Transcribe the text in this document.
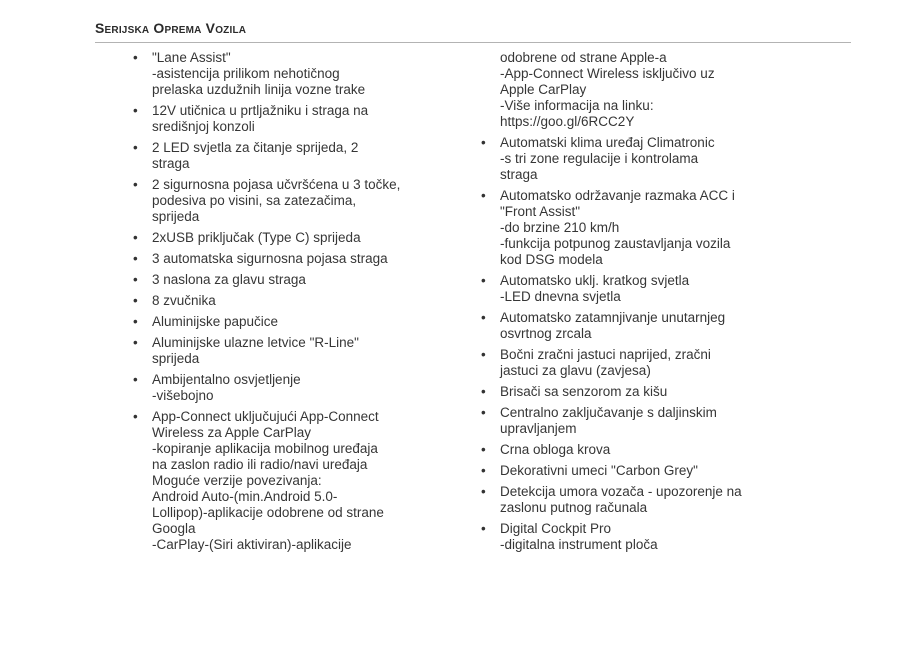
Serijska Oprema Vozila
•	"Lane Assist"
-asistencija prilikom nehotičnog
prelaska uzdužnih linija vozne trake
•	12V utičnica u prtljažniku i straga na
središnjoj konzoli
•	2 LED svjetla za čitanje sprijeda, 2
straga
•	2 sigurnosna pojasa učvršćena u 3 točke,
podesiva po visini, sa zatezačima,
sprijeda
•	2xUSB priključak (Type C) sprijeda
•	3 automatska sigurnosna pojasa straga
•	3 naslona za glavu straga
•	8 zvučnika
•	Aluminijske papučice
•	Aluminijske ulazne letvice "R-Line"
sprijeda
•	Ambijentalno osvjetljenje
-višebojno
•	App-Connect uključujući App-Connect
Wireless za Apple CarPlay
-kopiranje aplikacija mobilnog uređaja
na zaslon radio ili radio/navi uređaja
Moguće verzije povezivanja:
Android Auto-(min.Android 5.0-
Lollipop)-aplikacije odobrene od strane
Googla
-CarPlay-(Siri aktiviran)-aplikacije
odobrene od strane Apple-a
-App-Connect Wireless isključivo uz
Apple CarPlay
-Više informacija na linku:
https://goo.gl/6RCC2Y
•	Automatski klima uređaj Climatronic
-s tri zone regulacije i kontrolama
straga
•	Automatsko održavanje razmaka ACC i
"Front Assist"
-do brzine 210 km/h
-funkcija potpunog zaustavljanja vozila
kod DSG modela
•	Automatsko uklj. kratkog svjetla
-LED dnevna svjetla
•	Automatsko zatamnjivanje unutarnjeg
osvrtnog zrcala
•	Bočni zračni jastuci naprijed, zračni
jastuci za glavu (zavjesa)
•	Brisači sa senzorom za kišu
•	Centralno zaključavanje s daljinskim
upravljanjem
•	Crna obloga krova
•	Dekorativni umeci "Carbon Grey"
•	Detekcija umora vozača - upozorenje na
zaslonu putnog računala
•	Digital Cockpit Pro
-digitalna instrument ploča
